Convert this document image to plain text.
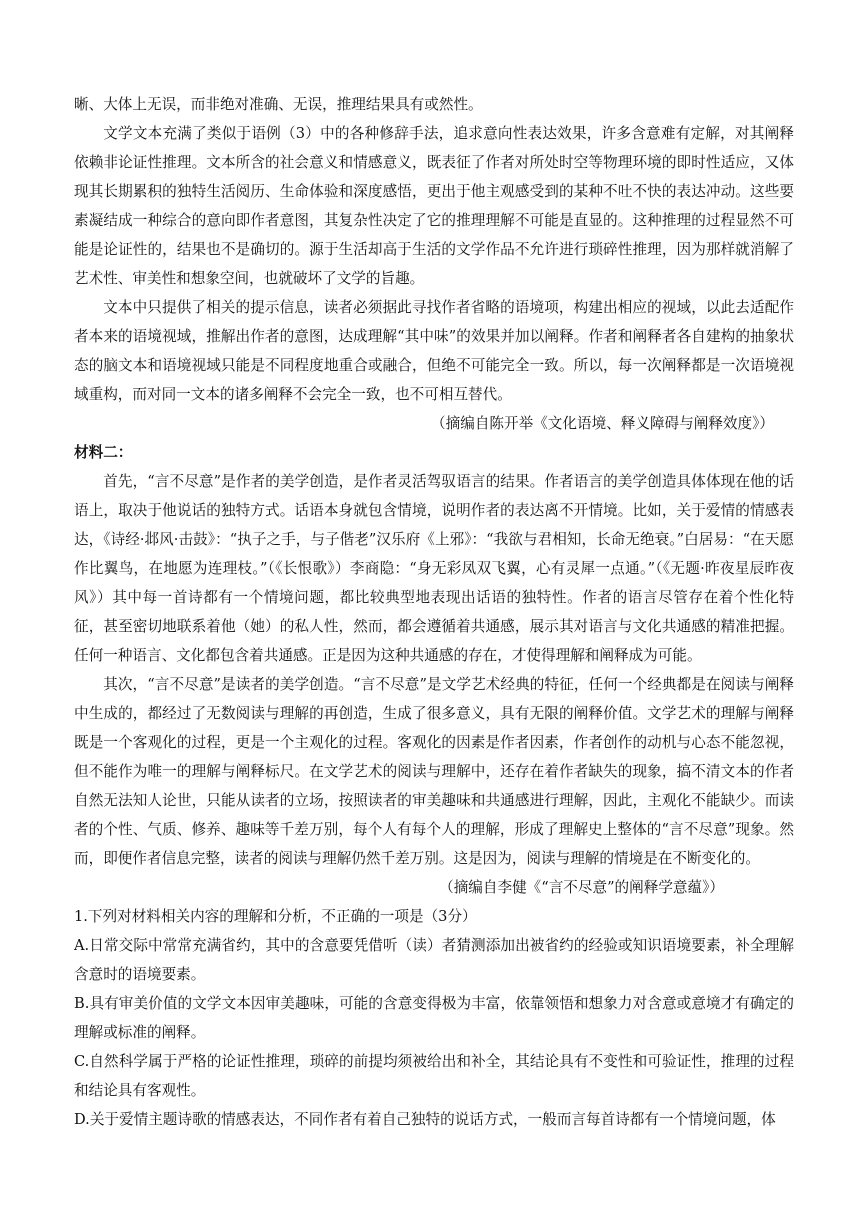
晰、大体上无误，而非绝对准确、无误，推理结果具有或然性。

文学文本充满了类似于语例（3）中的各种修辞手法，追求意向性表达效果，许多含意难有定解，对其阐释依赖非论证性推理。文本所含的社会意义和情感意义，既表征了作者对所处时空等物理环境的即时性适应，又体现其长期累积的独特生活阅历、生命体验和深度感悟，更出于他主观感受到的某种不吐不快的表达冲动。这些要素凝结成一种综合的意向即作者意图，其复杂性决定了它的推理理解不可能是直显的。这种推理的过程显然不可能是论证性的，结果也不是确切的。源于生活却高于生活的文学作品不允许进行琐碎性推理，因为那样就消解了艺术性、审美性和想象空间，也就破坏了文学的旨趣。

文本中只提供了相关的提示信息，读者必须据此寻找作者省略的语境项，构建出相应的视域，以此去适配作者本来的语境视域，推解出作者的意图，达成理解“其中味”的效果并加以阐释。作者和阐释者各自建构的抽象状态的脑文本和语境视域只能是不同程度地重合或融合，但绝不可能完全一致。所以，每一次阐释都是一次语境视域重构，而对同一文本的诸多阐释不会完全一致，也不可相互替代。

（摘编自陈开举《文化语境、释义障碍与阐释效度》）

材料二：

首先，“言不尽意”是作者的美学创造，是作者灵活驾驭语言的结果。作者语言的美学创造具体体现在他的话语上，取决于他说话的独特方式。话语本身就包含情境，说明作者的表达离不开情境。比如，关于爱情的情感表达，《诗经·邶风·击鼓》：“执子之手，与子偕老”汉乐府《上邪》：“我欲与君相知，长命无绝衰。”白居易：“在天愿作比翼鸟，在地愿为连理枝。”（《长恨歌》）李商隐：“身无彩凤双飞翼，心有灵犀一点通。”（《无题·昨夜星辰昨夜风》）其中每一首诗都有一个情境问题，都比较典型地表现出话语的独特性。作者的语言尽管存在着个性化特征，甚至密切地联系着他（她）的私人性，然而，都会遵循着共通感，展示其对语言与文化共通感的精准把握。任何一种语言、文化都包含着共通感。正是因为这种共通感的存在，才使得理解和阐释成为可能。

其次，“言不尽意”是读者的美学创造。“言不尽意”是文学艺术经典的特征，任何一个经典都是在阅读与阐释中生成的，都经过了无数阅读与理解的再创造，生成了很多意义，具有无限的阐释价值。文学艺术的理解与阐释既是一个客观化的过程，更是一个主观化的过程。客观化的因素是作者因素，作者创作的动机与心态不能忽视，但不能作为唯一的理解与阐释标尺。在文学艺术的阅读与理解中，还存在着作者缺失的现象，搞不清文本的作者自然无法知人论世，只能从读者的立场，按照读者的审美趣味和共通感进行理解，因此，主观化不能缺少。而读者的个性、气质、修养、趣味等千差万别，每个人有每个人的理解，形成了理解史上整体的“言不尽意”现象。然而，即便作者信息完整，读者的阅读与理解仍然千差万别。这是因为，阅读与理解的情境是在不断变化的。

（摘编自李健《“言不尽意”的阐释学意蕴》）

1.下列对材料相关内容的理解和分析，不正确的一项是（3分）

A.日常交际中常常充满省约，其中的含意要凭借听（读）者猜测添加出被省约的经验或知识语境要素，补全理解含意时的语境要素。

B.具有审美价值的文学文本因审美趣味，可能的含意变得极为丰富，依靠领悟和想象力对含意或意境才有确定的理解或标准的阐释。

C.自然科学属于严格的论证性推理，琐碎的前提均须被给出和补全，其结论具有不变性和可验证性，推理的过程和结论具有客观性。

D.关于爱情主题诗歌的情感表达，不同作者有着自己独特的说话方式，一般而言每首诗都有一个情境问题，体
